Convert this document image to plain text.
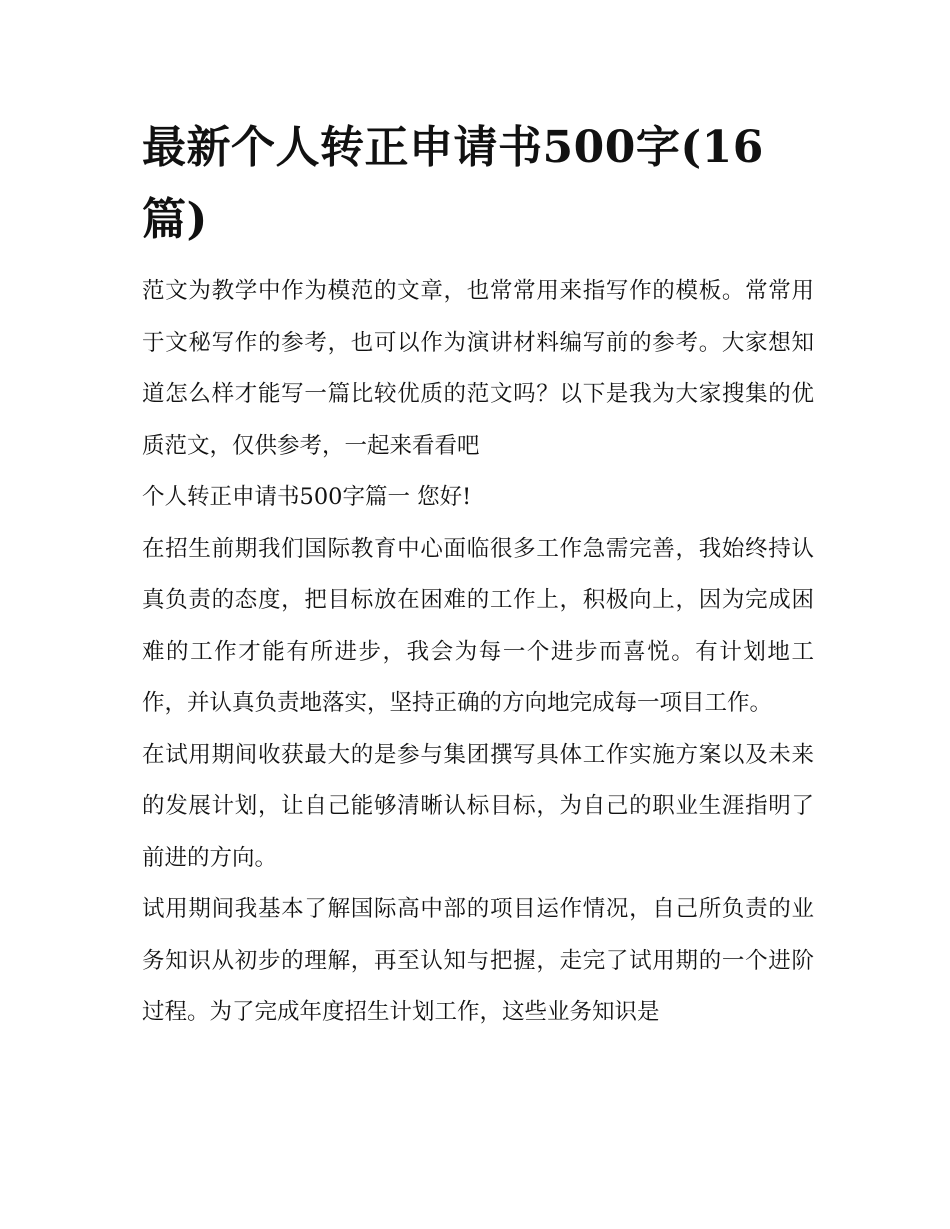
最新个人转正申请书500字(16篇)

范文为教学中作为模范的文章，也常常用来指写作的模板。常常用于文秘写作的参考，也可以作为演讲材料编写前的参考。大家想知道怎么样才能写一篇比较优质的范文吗？以下是我为大家搜集的优质范文，仅供参考，一起来看看吧

个人转正申请书500字篇一 您好!

在招生前期我们国际教育中心面临很多工作急需完善，我始终持认真负责的态度，把目标放在困难的工作上，积极向上，因为完成困难的工作才能有所进步，我会为每一个进步而喜悦。有计划地工作，并认真负责地落实，坚持正确的方向地完成每一项目工作。

在试用期间收获最大的是参与集团撰写具体工作实施方案以及未来的发展计划，让自己能够清晰认标目标，为自己的职业生涯指明了前进的方向。

试用期间我基本了解国际高中部的项目运作情况，自己所负责的业务知识从初步的理解，再至认知与把握，走完了试用期的一个进阶过程。为了完成年度招生计划工作，这些业务知识是
